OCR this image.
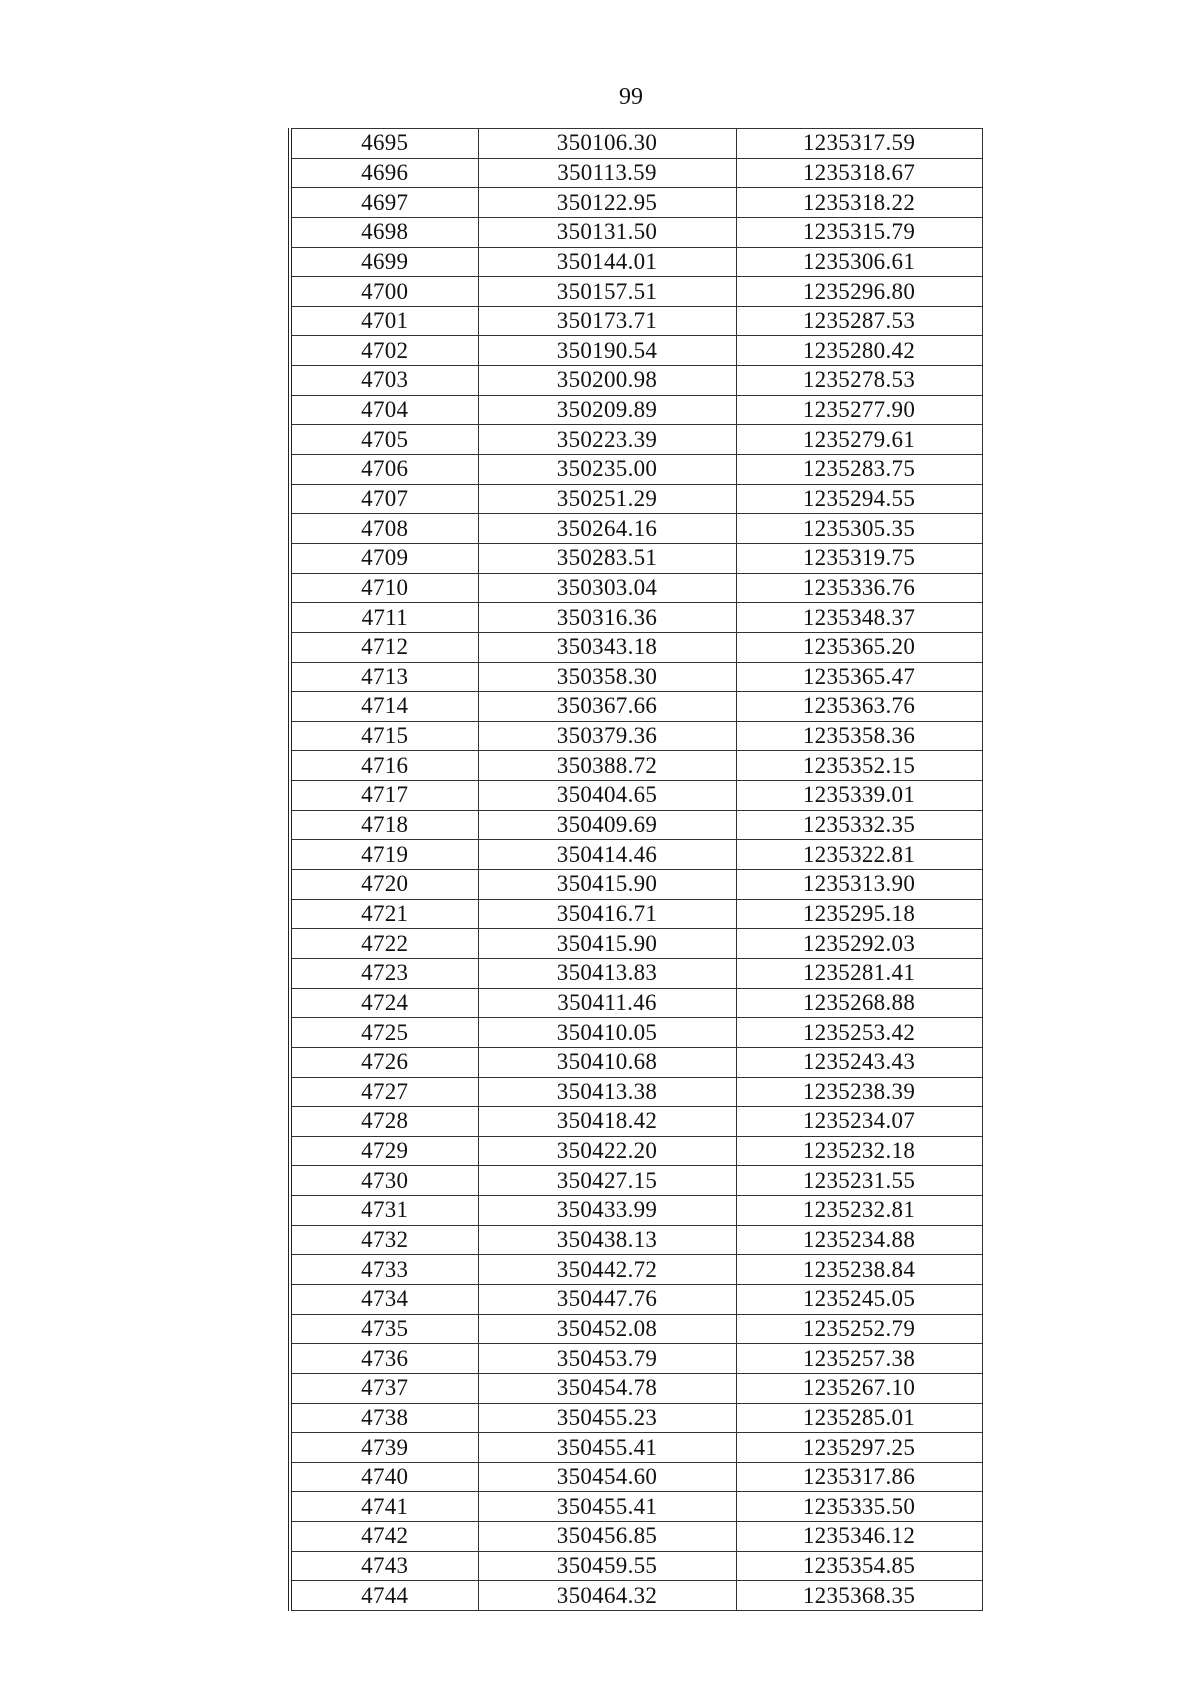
99
4695	350106.30	1235317.59
4696	350113.59	1235318.67
4697	350122.95	1235318.22
4698	350131.50	1235315.79
4699	350144.01	1235306.61
4700	350157.51	1235296.80
4701	350173.71	1235287.53
4702	350190.54	1235280.42
4703	350200.98	1235278.53
4704	350209.89	1235277.90
4705	350223.39	1235279.61
4706	350235.00	1235283.75
4707	350251.29	1235294.55
4708	350264.16	1235305.35
4709	350283.51	1235319.75
4710	350303.04	1235336.76
4711	350316.36	1235348.37
4712	350343.18	1235365.20
4713	350358.30	1235365.47
4714	350367.66	1235363.76
4715	350379.36	1235358.36
4716	350388.72	1235352.15
4717	350404.65	1235339.01
4718	350409.69	1235332.35
4719	350414.46	1235322.81
4720	350415.90	1235313.90
4721	350416.71	1235295.18
4722	350415.90	1235292.03
4723	350413.83	1235281.41
4724	350411.46	1235268.88
4725	350410.05	1235253.42
4726	350410.68	1235243.43
4727	350413.38	1235238.39
4728	350418.42	1235234.07
4729	350422.20	1235232.18
4730	350427.15	1235231.55
4731	350433.99	1235232.81
4732	350438.13	1235234.88
4733	350442.72	1235238.84
4734	350447.76	1235245.05
4735	350452.08	1235252.79
4736	350453.79	1235257.38
4737	350454.78	1235267.10
4738	350455.23	1235285.01
4739	350455.41	1235297.25
4740	350454.60	1235317.86
4741	350455.41	1235335.50
4742	350456.85	1235346.12
4743	350459.55	1235354.85
4744	350464.32	1235368.35
